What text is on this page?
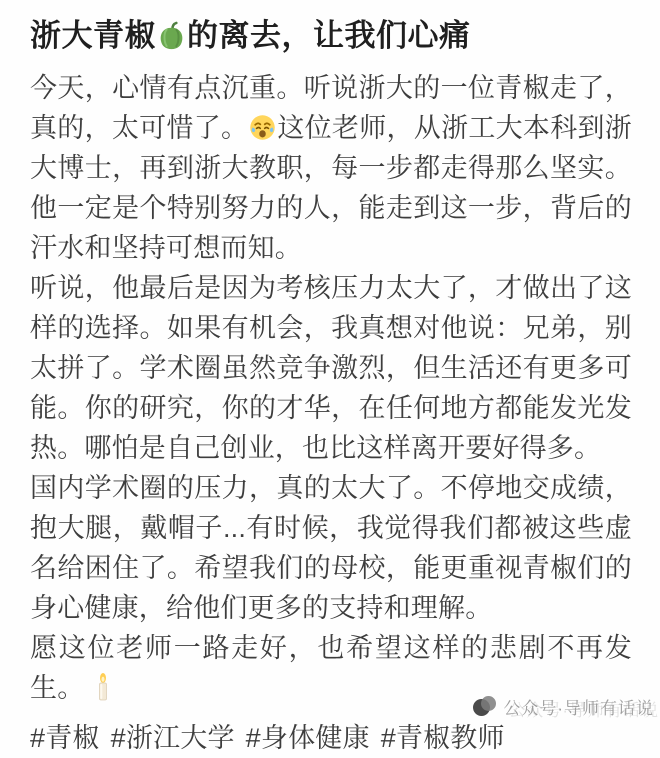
浙大青椒 的离去，让我们心痛

今天，心情有点沉重。听说浙大的一位青椒走了，真的，太可惜了。 这位老师，从浙工大本科到浙大博士，再到浙大教职，每一步都走得那么坚实。他一定是个特别努力的人，能走到这一步，背后的汗水和坚持可想而知。

听说，他最后是因为考核压力太大了，才做出了这样的选择。如果有机会，我真想对他说：兄弟，别太拼了。学术圈虽然竞争激烈，但生活还有更多可能。你的研究，你的才华，在任何地方都能发光发热。哪怕是自己创业，也比这样离开要好得多。

国内学术圈的压力，真的太大了。不停地交成绩，抱大腿，戴帽子...有时候，我觉得我们都被这些虚名给困住了。希望我们的母校，能更重视青椒们的身心健康，给他们更多的支持和理解。

愿这位老师一路走好，也希望这样的悲剧不再发生。

#青椒 #浙江大学 #身体健康 #青椒教师

公众号·导师有话说
